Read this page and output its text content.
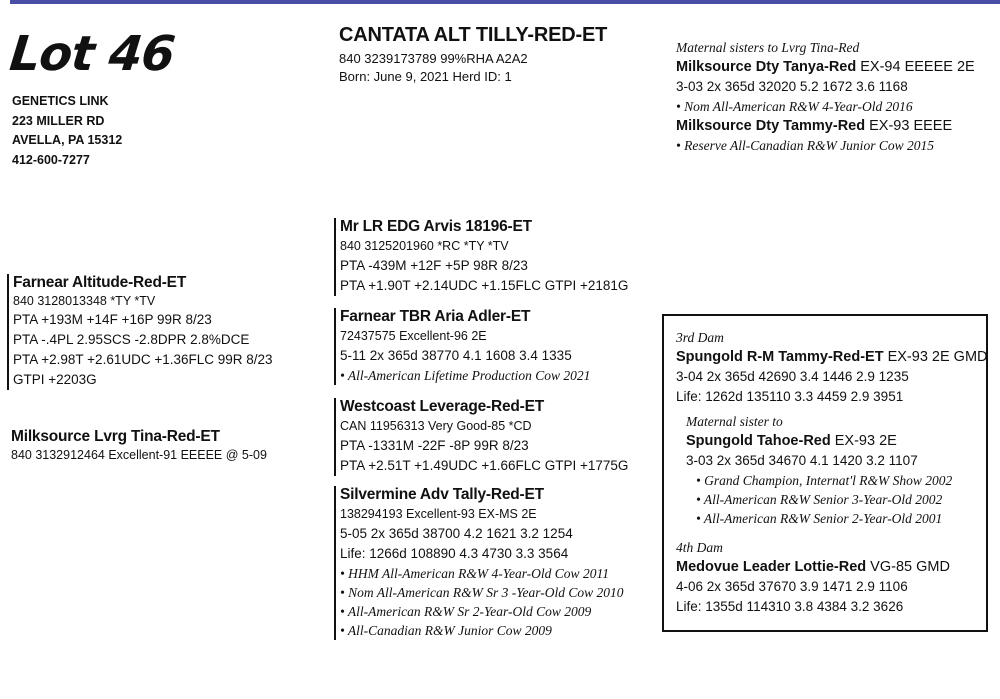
Lot 46
GENETICS LINK
223 MILLER RD
AVELLA, PA 15312
412-600-7277
CANTATA ALT TILLY-RED-ET
840 3239173789 99%RHA A2A2
Born: June 9, 2021 Herd ID: 1
Maternal sisters to Lvrg Tina-Red
Milksource Dty Tanya-Red EX-94 EEEEE 2E
3-03 2x 365d 32020 5.2 1672 3.6 1168
• Nom All-American R&W 4-Year-Old 2016
Milksource Dty Tammy-Red EX-93 EEEE
• Reserve All-Canadian R&W Junior Cow 2015
Farnear Altitude-Red-ET
840 3128013348 *TY *TV
PTA +193M +14F +16P 99R 8/23
PTA -.4PL 2.95SCS -2.8DPR 2.8%DCE
PTA +2.98T +2.61UDC +1.36FLC 99R 8/23
GTPI +2203G
Milksource Lvrg Tina-Red-ET
840 3132912464 Excellent-91 EEEEE @ 5-09
Mr LR EDG Arvis 18196-ET
840 3125201960 *RC *TY *TV
PTA -439M +12F +5P 98R 8/23
PTA +1.90T +2.14UDC +1.15FLC GTPI +2181G
Farnear TBR Aria Adler-ET
72437575 Excellent-96 2E
5-11 2x 365d 38770 4.1 1608 3.4 1335
• All-American Lifetime Production Cow 2021
Westcoast Leverage-Red-ET
CAN 11956313 Very Good-85 *CD
PTA -1331M -22F -8P 99R 8/23
PTA +2.51T +1.49UDC +1.66FLC GTPI +1775G
Silvermine Adv Tally-Red-ET
138294193 Excellent-93 EX-MS 2E
5-05 2x 365d 38700 4.2 1621 3.2 1254
Life: 1266d 108890 4.3 4730 3.3 3564
• HHM All-American R&W 4-Year-Old Cow 2011
• Nom All-American R&W Sr 3 -Year-Old Cow 2010
• All-American R&W Sr 2-Year-Old Cow 2009
• All-Canadian R&W Junior Cow 2009
3rd Dam
Spungold R-M Tammy-Red-ET EX-93 2E GMD
3-04 2x 365d 42690 3.4 1446 2.9 1235
Life: 1262d 135110 3.3 4459 2.9 3951
Maternal sister to
Spungold Tahoe-Red EX-93 2E
3-03 2x 365d 34670 4.1 1420 3.2 1107
• Grand Champion, Internat'l R&W Show 2002
• All-American R&W Senior 3-Year-Old 2002
• All-American R&W Senior 2-Year-Old 2001
4th Dam
Medovue Leader Lottie-Red VG-85 GMD
4-06 2x 365d 37670 3.9 1471 2.9 1106
Life: 1355d 114310 3.8 4384 3.2 3626
